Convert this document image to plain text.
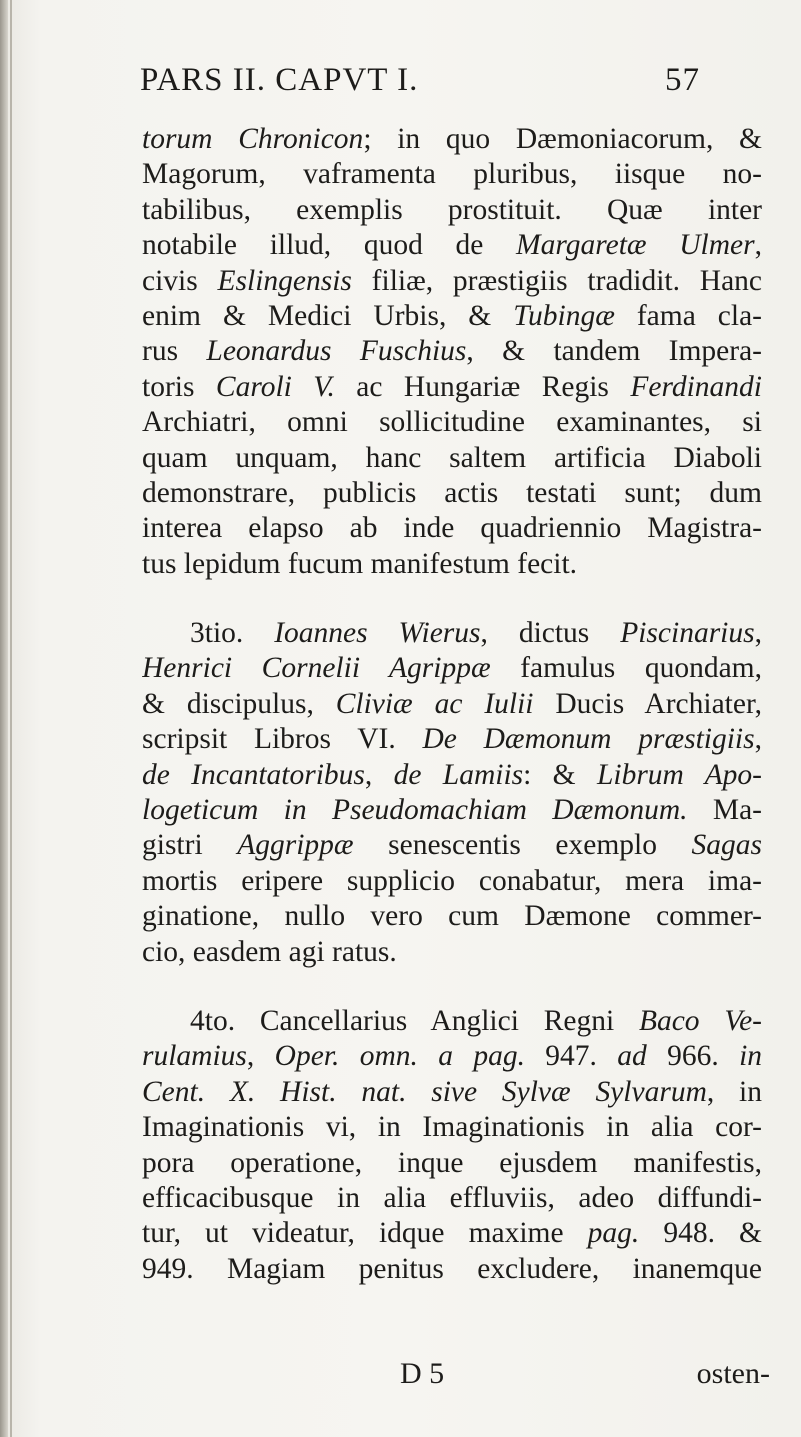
PARS II. CAPVT I.	57
torum Chronicon; in quo Dæmoniacorum, &
Magorum, vaframenta pluribus, iisque no-
tabilibus, exemplis prostituit. Quæ inter
notabile illud, quod de Margaretæ Ulmer,
civis Eslingensis filiæ, præstigiis tradidit. Hanc
enim & Medici Urbis, & Tubingæ fama cla-
rus Leonardus Fuschius, & tandem Impera-
toris Caroli V. ac Hungariæ Regis Ferdinandi
Archiatri, omni sollicitudine examinantes, si
quam unquam, hanc saltem artificia Diaboli
demonstrare, publicis actis testati sunt; dum
interea elapso ab inde quadriennio Magistra-
tus lepidum fucum manifestum fecit.
3tio. Ioannes Wierus, dictus Piscinarius,
Henrici Cornelii Agrippæ famulus quondam,
& discipulus, Cliviæ ac Iulii Ducis Archiater,
scripsit Libros VI. De Dæmonum præstigiis,
de Incantatoribus, de Lamiis: & Librum Apo-
logeticum in Pseudomachiam Dæmonum. Ma-
gistri Aggrippæ senescentis exemplo Sagas
mortis eripere supplicio conabatur, mera ima-
ginatione, nullo vero cum Dæmone commer-
cio, easdem agi ratus.
4to. Cancellarius Anglici Regni Baco Ve-
rulamius, Oper. omn. a pag. 947. ad 966. in
Cent. X. Hist. nat. sive Sylvæ Sylvarum, in
Imaginationis vi, in Imaginationis in alia cor-
pora operatione, inque ejusdem manifestis,
efficacibusque in alia effluviis, adeo diffundi-
tur, ut videatur, idque maxime pag. 948. &
949. Magiam penitus excludere, inanemque
D 5	osten-
